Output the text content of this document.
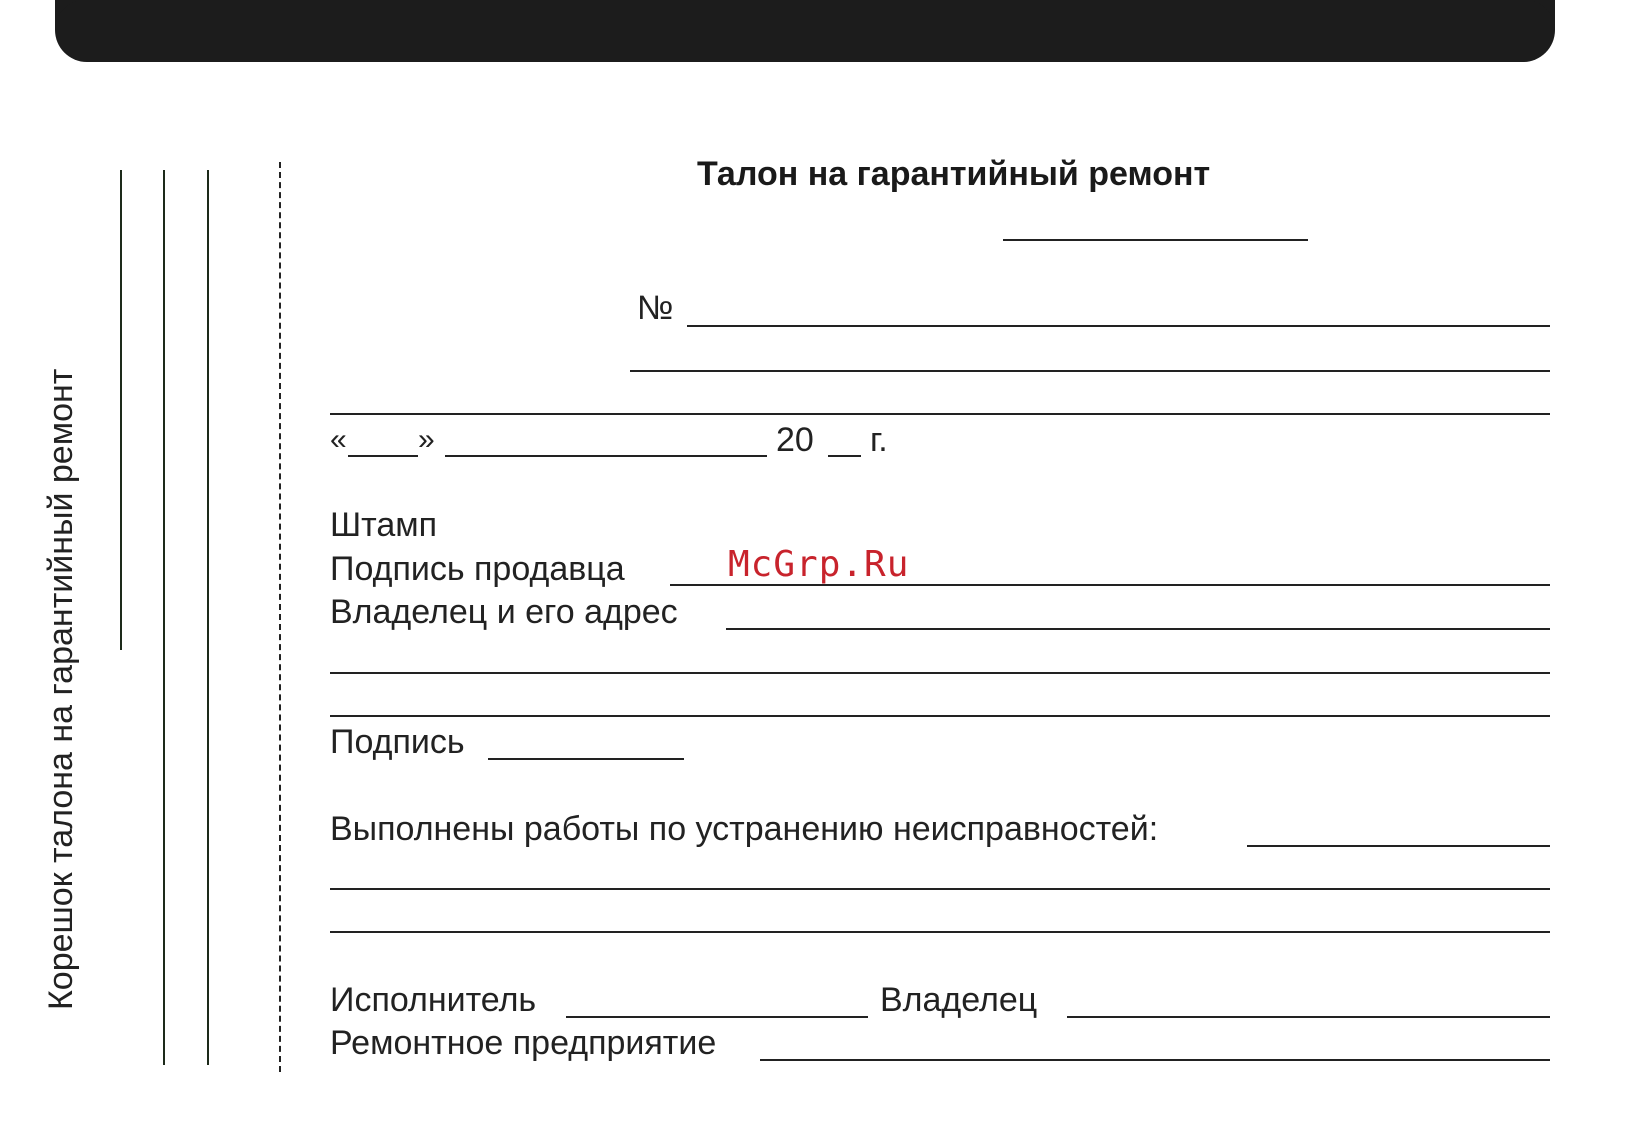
Корешок талона на гарантийный ремонт
Талон на гарантийный ремонт
№
« »	20 г.
Штамп
Подпись продавца
Владелец и его адрес
Подпись
Выполнены работы по устранению неисправностей:
Исполнитель	Владелец
Ремонтное предприятие
McGrp.Ru
